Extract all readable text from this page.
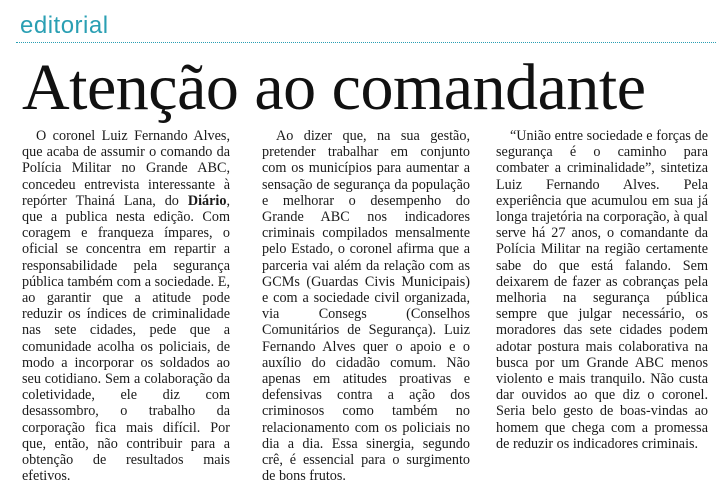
editorial
Atenção ao comandante

O coronel Luiz Fernando Alves, que acaba de assumir o comando da Polícia Militar no Grande ABC, concedeu entrevista interessante à repórter Thainá Lana, do Diário, que a publica nesta edição. Com coragem e franqueza ímpares, o oficial se concentra em repartir a responsabilidade pela segurança pública também com a sociedade. E, ao garantir que a atitude pode reduzir os índices de criminalidade nas sete cidades, pede que a comunidade acolha os policiais, de modo a incorporar os soldados ao seu cotidiano. Sem a colaboração da coletividade, ele diz com desassombro, o trabalho da corporação fica mais difícil. Por que, então, não contribuir para a obtenção de resultados mais efetivos.

Ao dizer que, na sua gestão, pretender trabalhar em conjunto com os municípios para aumentar a sensação de segurança da população e melhorar o desempenho do Grande ABC nos indicadores criminais compilados mensalmente pelo Estado, o coronel afirma que a parceria vai além da relação com as GCMs (Guardas Civis Municipais) e com a sociedade civil organizada, via Consegs (Conselhos Comunitários de Segurança). Luiz Fernando Alves quer o apoio e o auxílio do cidadão comum. Não apenas em atitudes proativas e defensivas contra a ação dos criminosos como também no relacionamento com os policiais no dia a dia. Essa sinergia, segundo crê, é essencial para o surgimento de bons frutos.

“União entre sociedade e forças de segurança é o caminho para combater a criminalidade”, sintetiza Luiz Fernando Alves. Pela experiência que acumulou em sua já longa trajetória na corporação, à qual serve há 27 anos, o comandante da Polícia Militar na região certamente sabe do que está falando. Sem deixarem de fazer as cobranças pela melhoria na segurança pública sempre que julgar necessário, os moradores das sete cidades podem adotar postura mais colaborativa na busca por um Grande ABC menos violento e mais tranquilo. Não custa dar ouvidos ao que diz o coronel. Seria belo gesto de boas-vindas ao homem que chega com a promessa de reduzir os indicadores criminais.
